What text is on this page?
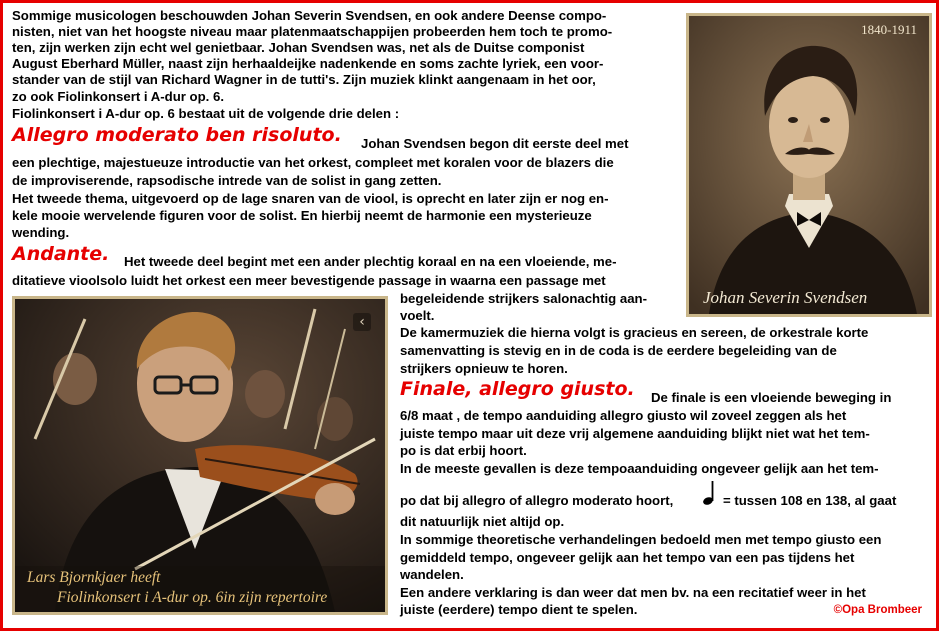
Sommige musicologen beschouwden Johan Severin Svendsen, en ook andere Deense compo-
nisten, niet van het hoogste niveau maar platenmaatschappijen probeerden hem toch te promo-
ten, zijn werken zijn echt wel genietbaar. Johan Svendsen was, net als de Duitse componist
August Eberhard Müller, naast zijn herhaaldeijke nadenkende en soms zachte lyriek, een voor-
stander van de stijl van Richard Wagner in de tutti's. Zijn muziek klinkt aangenaam in het oor,
zo ook Fiolinkonsert i A-dur op. 6.
Fiolinkonsert i A-dur op. 6 bestaat uit de volgende drie delen :
Allegro moderato ben risoluto. Johan Svendsen begon dit eerste deel met
een plechtige, majestueuze introductie van het orkest, compleet met koralen voor de blazers die
de improviserende, rapsodische intrede van de solist in gang zetten.
Het tweede thema, uitgevoerd op de lage snaren van de viool, is oprecht en later zijn er nog en-
kele mooie wervelende figuren voor de solist. En hierbij neemt de harmonie een mysterieuze
wending.
Andante. Het tweede deel begint met een ander plechtig koraal en na een vloeiende, me-
ditatieve vioolsolo luidt het orkest een meer bevestigende passage in waarna een passage met
begeleidende strijkers salonachtig aan-
voelt.
De kamermuziek die hierna volgt is gracieus en sereen, de orkestrale korte
samenvatting is stevig en in de coda is de eerdere begeleiding van de
strijkers opnieuw te horen.
Finale, allegro giusto. De finale is een vloeiende beweging in
6/8 maat , de tempo aanduiding allegro giusto wil zoveel zeggen als het
juiste tempo maar uit deze vrij algemene aanduiding blijkt niet wat het tem-
po is dat erbij hoort.
In de meeste gevallen is deze tempoaanduiding ongeveer gelijk aan het tem-
po dat bij allegro of allegro moderato hoort,	= tussen 108 en 138, al gaat
dit natuurlijk niet altijd op.
In sommige theoretische verhandelingen bedoeld men met tempo giusto een
gemiddeld tempo, ongeveer gelijk aan het tempo van een pas tijdens het
wandelen.
Een andere verklaring is dan weer dat men bv. na een recitatief weer in het
juiste (eerdere) tempo dient te spelen.
1840-1911
Johan Severin Svendsen
‹
Lars Bjornkjaer heeft
Fiolinkonsert i A-dur op. 6in zijn repertoire
©Opa Brombeer
